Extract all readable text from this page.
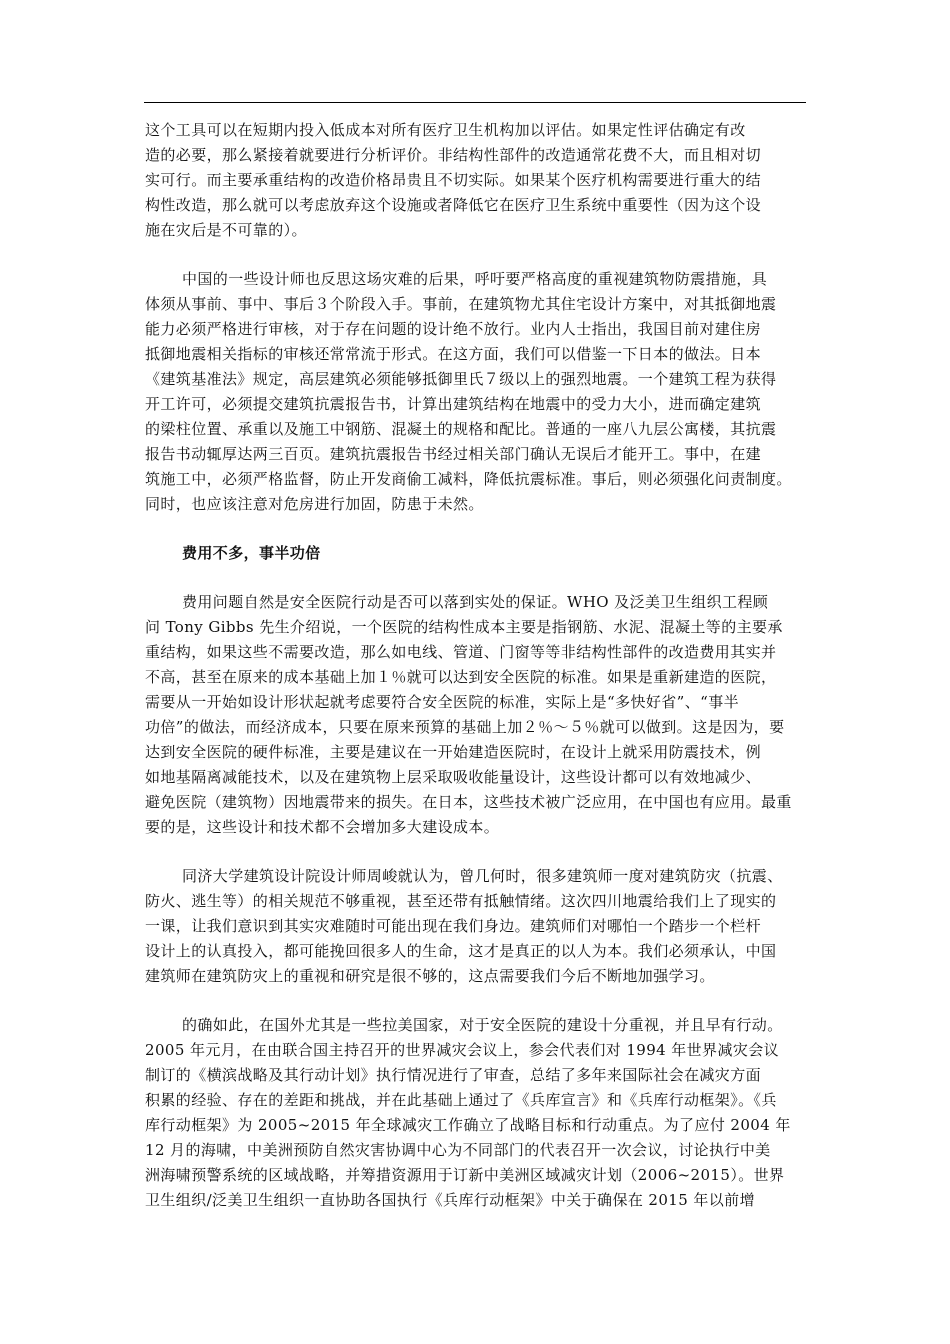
这个工具可以在短期内投入低成本对所有医疗卫生机构加以评估。如果定性评估确定有改

造的必要，那么紧接着就要进行分析评价。非结构性部件的改造通常花费不大，而且相对切

实可行。而主要承重结构的改造价格昂贵且不切实际。如果某个医疗机构需要进行重大的结

构性改造，那么就可以考虑放弃这个设施或者降低它在医疗卫生系统中重要性（因为这个设

施在灾后是不可靠的）。

中国的一些设计师也反思这场灾难的后果，呼吁要严格高度的重视建筑物防震措施，具

体须从事前、事中、事后３个阶段入手。事前，在建筑物尤其住宅设计方案中，对其抵御地震

能力必须严格进行审核，对于存在问题的设计绝不放行。业内人士指出，我国目前对建住房

抵御地震相关指标的审核还常常流于形式。在这方面，我们可以借鉴一下日本的做法。日本

《建筑基准法》规定，高层建筑必须能够抵御里氏７级以上的强烈地震。一个建筑工程为获得

开工许可，必须提交建筑抗震报告书，计算出建筑结构在地震中的受力大小，进而确定建筑

的梁柱位置、承重以及施工中钢筋、混凝土的规格和配比。普通的一座八九层公寓楼，其抗震

报告书动辄厚达两三百页。建筑抗震报告书经过相关部门确认无误后才能开工。事中，在建

筑施工中，必须严格监督，防止开发商偷工减料，降低抗震标准。事后，则必须强化问责制度。

同时，也应该注意对危房进行加固，防患于未然。

费用不多，事半功倍

费用问题自然是安全医院行动是否可以落到实处的保证。WHO 及泛美卫生组织工程顾

问 Tony Gibbs 先生介绍说，一个医院的结构性成本主要是指钢筋、水泥、混凝土等的主要承

重结构，如果这些不需要改造，那么如电线、管道、门窗等等非结构性部件的改造费用其实并

不高，甚至在原来的成本基础上加１％就可以达到安全医院的标准。如果是重新建造的医院，

需要从一开始如设计形状起就考虑要符合安全医院的标准，实际上是“多快好省”、“事半

功倍”的做法，而经济成本，只要在原来预算的基础上加２％～５％就可以做到。这是因为，要

达到安全医院的硬件标准，主要是建议在一开始建造医院时，在设计上就采用防震技术，例

如地基隔离减能技术，以及在建筑物上层采取吸收能量设计，这些设计都可以有效地减少、

避免医院（建筑物）因地震带来的损失。在日本，这些技术被广泛应用，在中国也有应用。最重

要的是，这些设计和技术都不会增加多大建设成本。

同济大学建筑设计院设计师周峻就认为，曾几何时，很多建筑师一度对建筑防灾（抗震、

防火、逃生等）的相关规范不够重视，甚至还带有抵触情绪。这次四川地震给我们上了现实的

一课，让我们意识到其实灾难随时可能出现在我们身边。建筑师们对哪怕一个踏步一个栏杆

设计上的认真投入，都可能挽回很多人的生命，这才是真正的以人为本。我们必须承认，中国

建筑师在建筑防灾上的重视和研究是很不够的，这点需要我们今后不断地加强学习。

的确如此，在国外尤其是一些拉美国家，对于安全医院的建设十分重视，并且早有行动。

2005 年元月，在由联合国主持召开的世界减灾会议上，参会代表们对 1994 年世界减灾会议

制订的《横滨战略及其行动计划》执行情况进行了审查，总结了多年来国际社会在减灾方面

积累的经验、存在的差距和挑战，并在此基础上通过了《兵库宣言》和《兵库行动框架》。《兵

库行动框架》为 2005~2015 年全球减灾工作确立了战略目标和行动重点。为了应付 2004 年

12 月的海啸，中美洲预防自然灾害协调中心为不同部门的代表召开一次会议，讨论执行中美

洲海啸预警系统的区域战略，并筹措资源用于订新中美洲区域减灾计划（2006~2015）。世界

卫生组织/泛美卫生组织一直协助各国执行《兵库行动框架》中关于确保在 2015 年以前增
